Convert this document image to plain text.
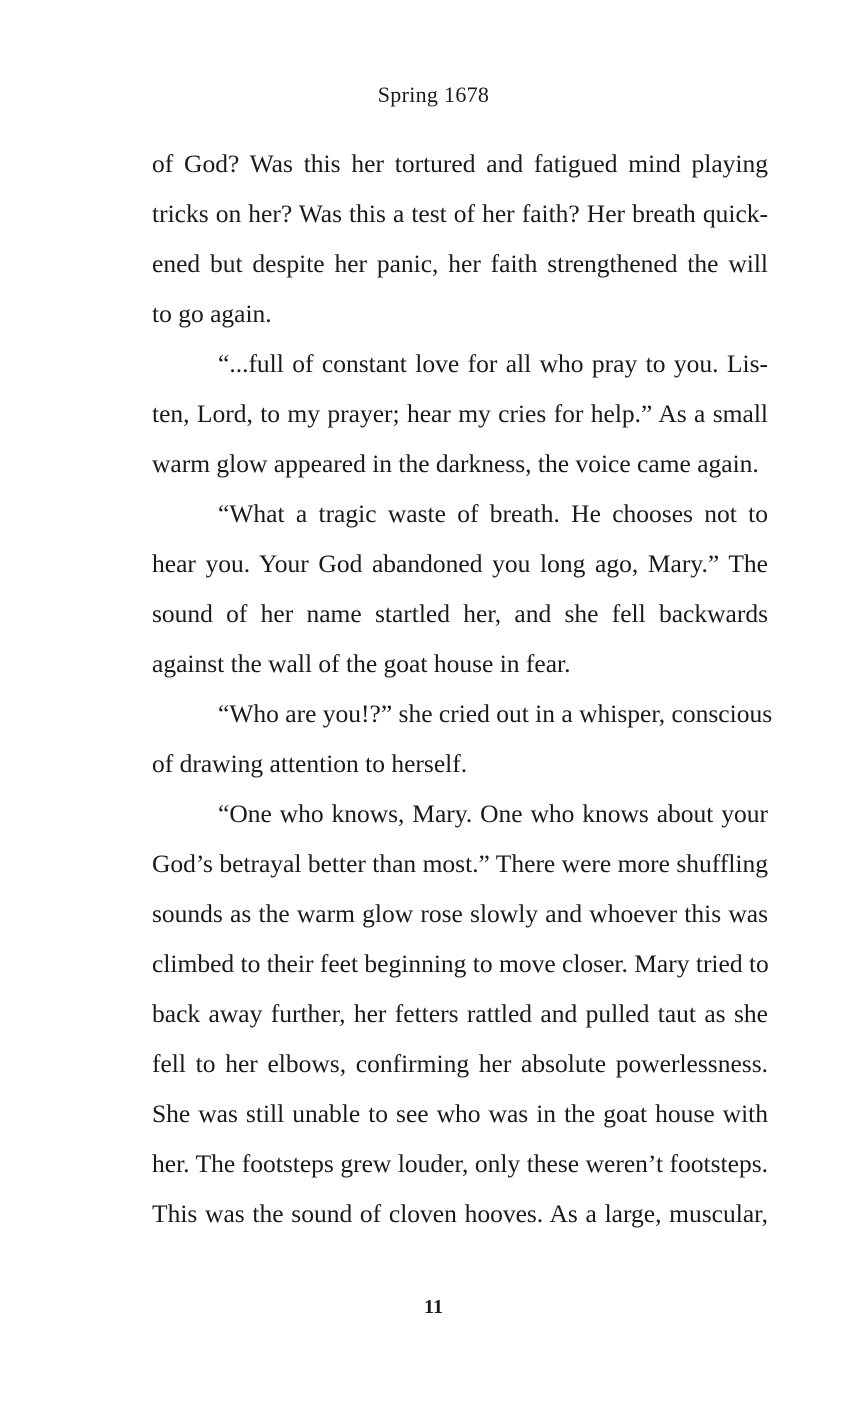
Spring 1678
of God? Was this her tortured and fatigued mind playing
tricks on her? Was this a test of her faith? Her breath quick-
ened but despite her panic, her faith strengthened the will
to go again.
“...full of constant love for all who pray to you. Lis-
ten, Lord, to my prayer; hear my cries for help.” As a small
warm glow appeared in the darkness, the voice came again.
“What a tragic waste of breath. He chooses not to
hear you. Your God abandoned you long ago, Mary.” The
sound of her name startled her, and she fell backwards
against the wall of the goat house in fear.
“Who are you!?” she cried out in a whisper, conscious
of drawing attention to herself.
“One who knows, Mary. One who knows about your
God’s betrayal better than most.” There were more shuffling
sounds as the warm glow rose slowly and whoever this was
climbed to their feet beginning to move closer. Mary tried to
back away further, her fetters rattled and pulled taut as she
fell to her elbows, confirming her absolute powerlessness.
She was still unable to see who was in the goat house with
her. The footsteps grew louder, only these weren’t footsteps.
This was the sound of cloven hooves. As a large, muscular,
11
